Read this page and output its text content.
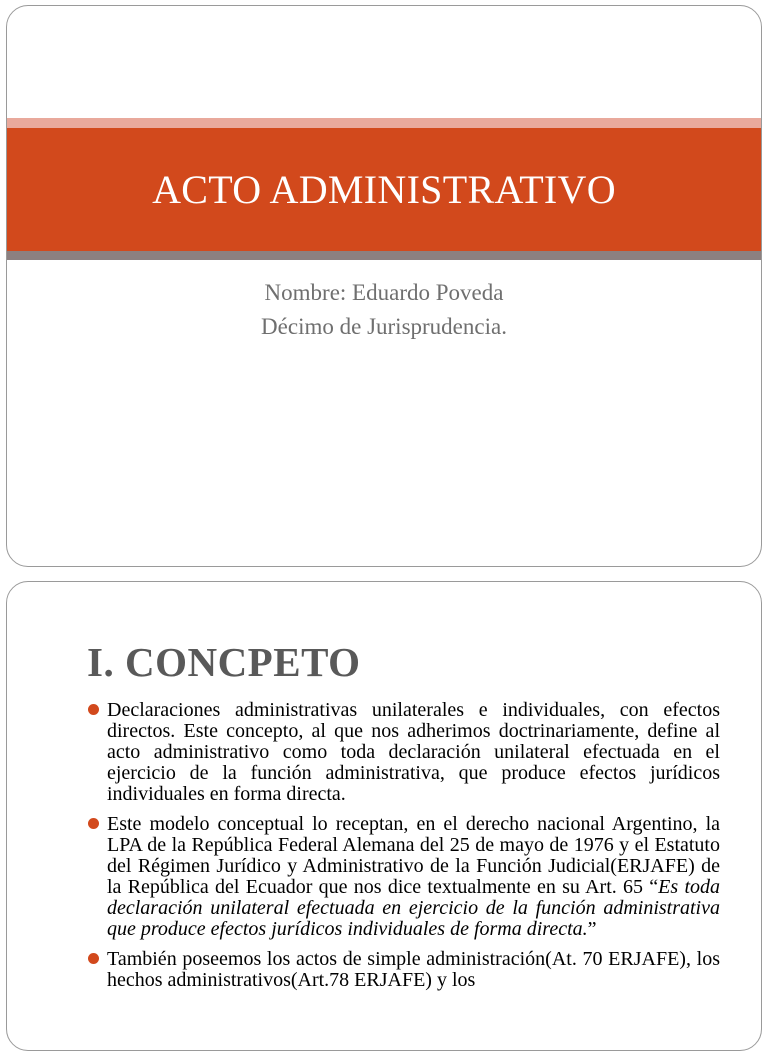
ACTO ADMINISTRATIVO
Nombre: Eduardo Poveda
Décimo de Jurisprudencia.
I. CONCPETO
Declaraciones administrativas unilaterales e individuales, con efectos directos. Este concepto, al que nos adherimos doctrinariamente, define al acto administrativo como toda declaración unilateral efectuada en el ejercicio de la función administrativa, que produce efectos jurídicos individuales en forma directa.
Este modelo conceptual lo receptan, en el derecho nacional Argentino, la LPA de la República Federal Alemana del 25 de mayo de 1976 y el Estatuto del Régimen Jurídico y Administrativo de la Función Judicial(ERJAFE) de la República del Ecuador que nos dice textualmente en su Art. 65 “Es toda declaración unilateral efectuada en ejercicio de la función administrativa que produce efectos jurídicos individuales de forma directa.”
También poseemos los actos de simple administración(At. 70 ERJAFE), los hechos administrativos(Art.78 ERJAFE) y los
